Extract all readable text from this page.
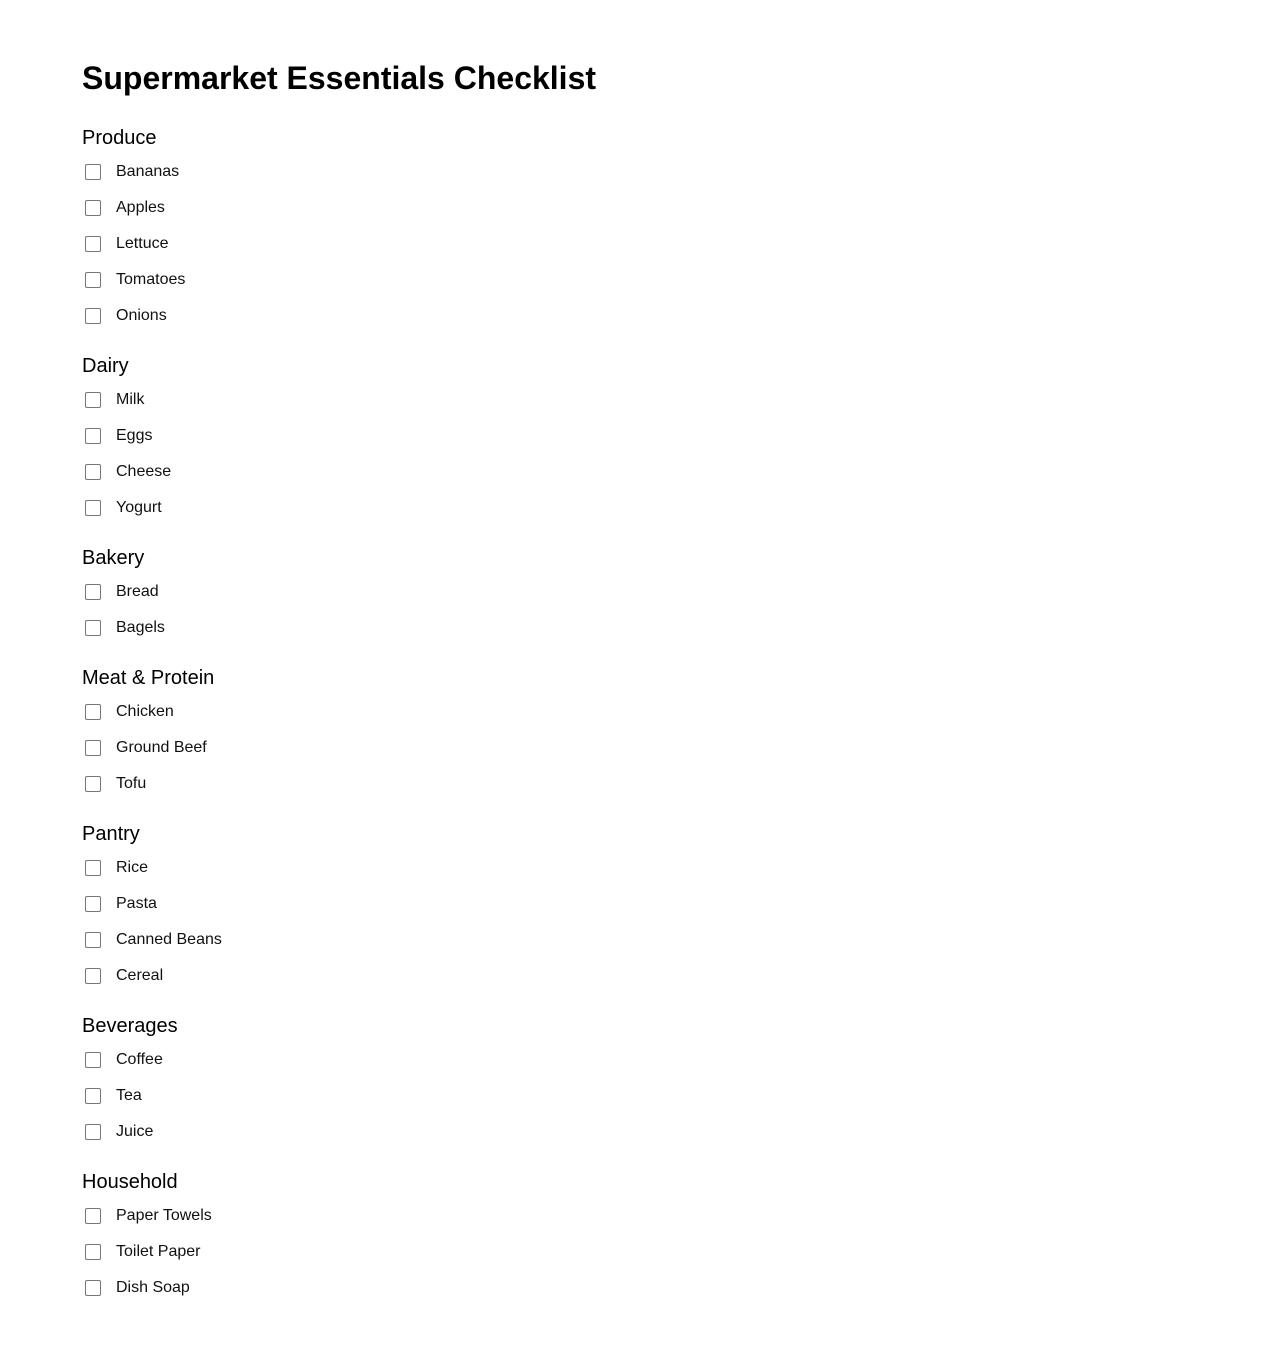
Supermarket Essentials Checklist
Produce
Bananas
Apples
Lettuce
Tomatoes
Onions
Dairy
Milk
Eggs
Cheese
Yogurt
Bakery
Bread
Bagels
Meat & Protein
Chicken
Ground Beef
Tofu
Pantry
Rice
Pasta
Canned Beans
Cereal
Beverages
Coffee
Tea
Juice
Household
Paper Towels
Toilet Paper
Dish Soap
